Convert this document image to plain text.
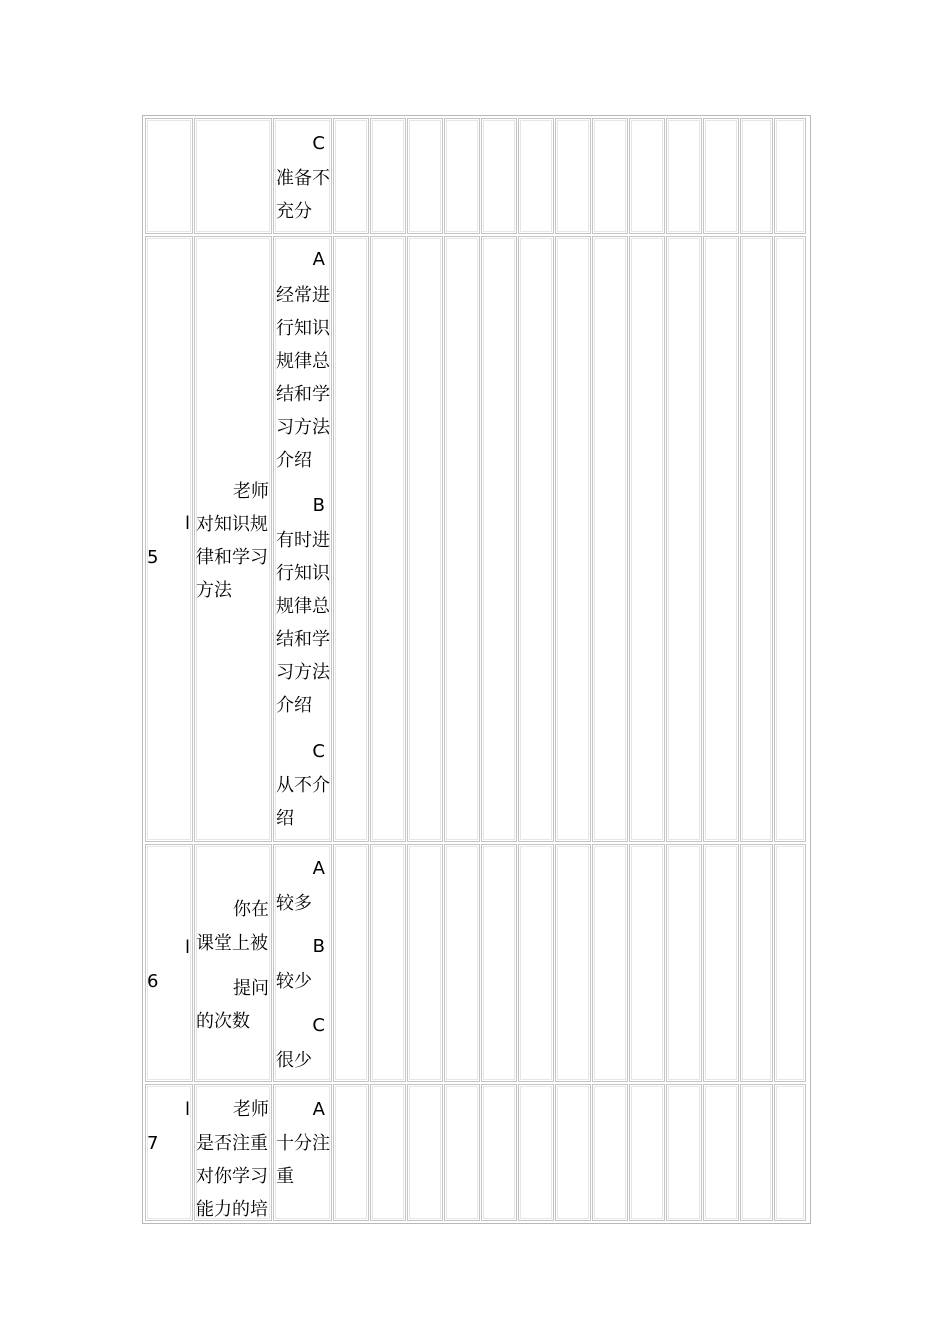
C
准备不
充分
5
l
老师
对知识规
律和学习
方法
A
经常进
行知识
规律总
结和学
习方法
介绍
B
有时进
行知识
规律总
结和学
习方法
介绍
C
从不介
绍
6
l
你在
课堂上被
提问
的次数
A
较多
B
较少
C
很少
7
l 老师
是否注重
对你学习
能力的培
A
十分注
重
